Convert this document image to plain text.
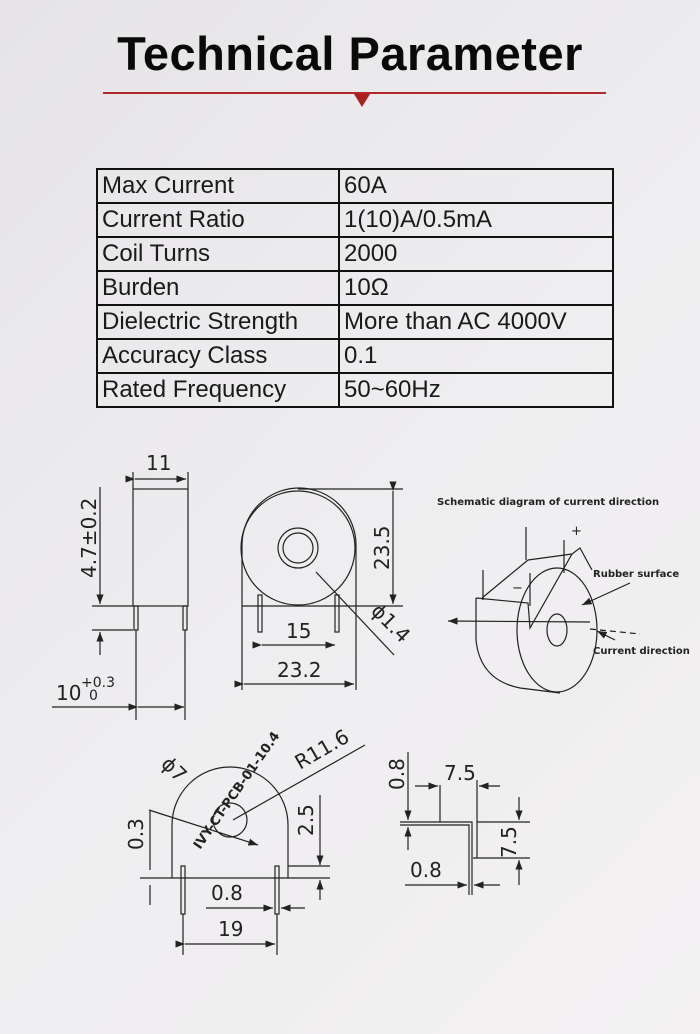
Technical Parameter
Max Current	60A
Current Ratio	1(10)A/0.5mA
Coil Turns	2000
Burden	10Ω
Dielectric Strength	More than AC 4000V
Accuracy Class	0.1
Rated Frequency	50~60Hz
11
4.7±0.2
10 +0.3
0
23.5
15
23.2
ϕ1.4
Schematic diagram of current direction
+
−
Rubber surface
Current direction
ϕ7	R11.6
IVY-CT-PCB-01-10.4
0.3	2.5
0.8
19
0.8 7.5
7.5
0.8
